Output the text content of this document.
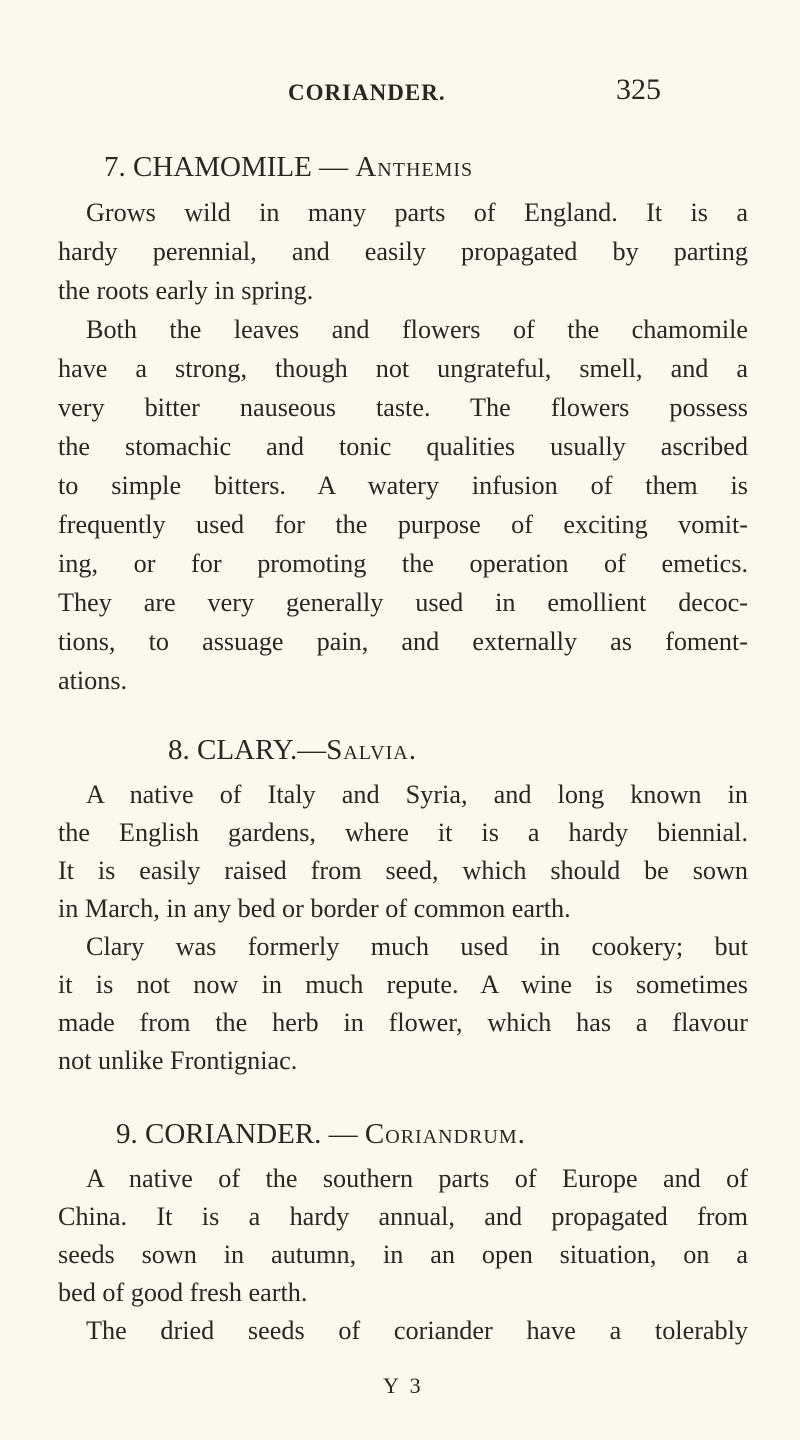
CORIANDER.	325
7. CHAMOMILE — Anthemis
Grows wild in many parts of England. It is a
hardy perennial, and easily propagated by parting
the roots early in spring.
Both the leaves and flowers of the chamomile
have a strong, though not ungrateful, smell, and a
very bitter nauseous taste. The flowers possess
the stomachic and tonic qualities usually ascribed
to simple bitters. A watery infusion of them is
frequently used for the purpose of exciting vomit-
ing, or for promoting the operation of emetics.
They are very generally used in emollient decoc-
tions, to assuage pain, and externally as foment-
ations.
8. CLARY.—Salvia.
A native of Italy and Syria, and long known in
the English gardens, where it is a hardy biennial.
It is easily raised from seed, which should be sown
in March, in any bed or border of common earth.
Clary was formerly much used in cookery; but
it is not now in much repute. A wine is sometimes
made from the herb in flower, which has a flavour
not unlike Frontigniac.
9. CORIANDER. — Coriandrum.
A native of the southern parts of Europe and of
China. It is a hardy annual, and propagated from
seeds sown in autumn, in an open situation, on a
bed of good fresh earth.
The dried seeds of coriander have a tolerably
Y 3
